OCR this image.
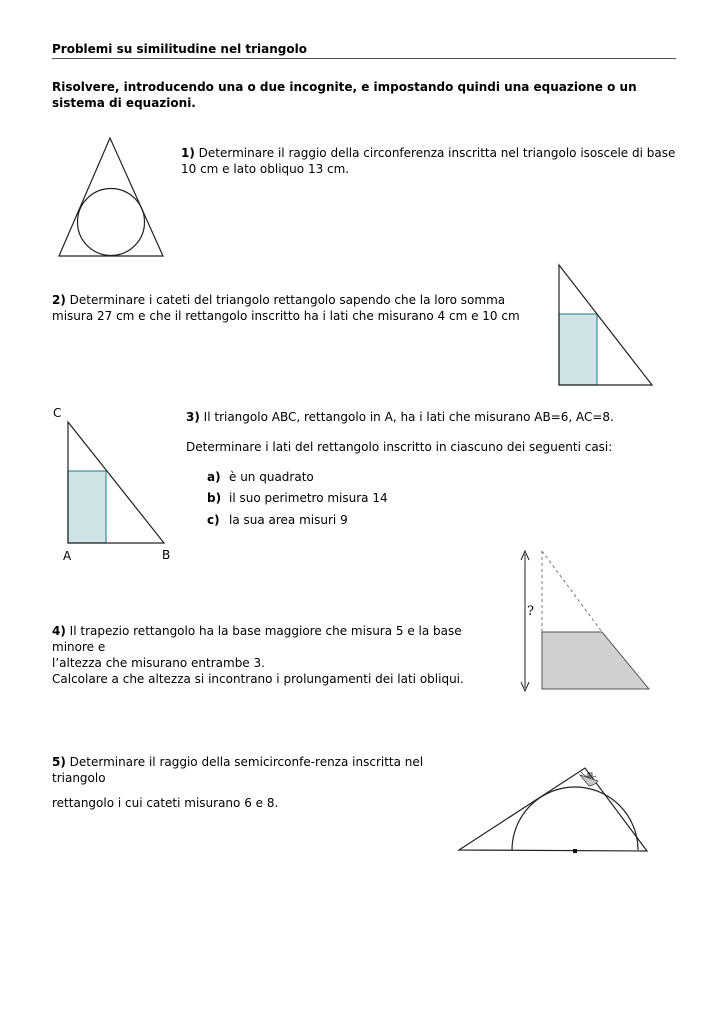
Problemi su similitudine nel triangolo
Risolvere, introducendo una o due incognite, e impostando quindi una equazione o un sistema di equazioni.
1) Determinare il raggio della circonferenza inscritta nel triangolo isoscele di base 10 cm e lato obliquo 13 cm.
2) Determinare i cateti del triangolo rettangolo sapendo che la loro somma misura 27 cm e che il rettangolo inscritto ha i lati che misurano 4 cm e 10 cm
C
A	B
3) Il triangolo ABC, rettangolo in A, ha i lati che misurano AB=6, AC=8.
Determinare i lati del rettangolo inscritto in ciascuno dei seguenti casi:
a) è un quadrato
b) il suo perimetro misura 14
c) la sua area misuri 9
4) Il trapezio rettangolo ha la base maggiore che misura 5 e la base minore e
l’altezza che misurano entrambe 3.
Calcolare a che altezza si incontrano i prolungamenti dei lati obliqui.
?
5) Determinare il raggio della semicirconfe-renza inscritta nel triangolo
rettangolo i cui cateti misurano 6 e 8.
